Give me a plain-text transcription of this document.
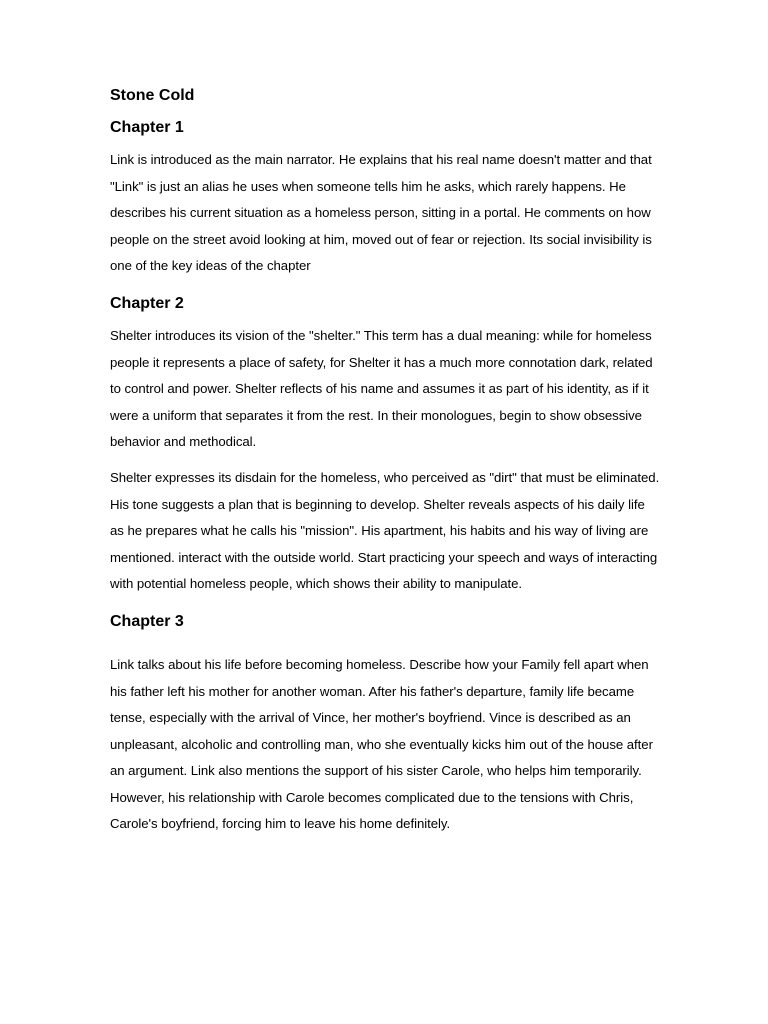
Stone Cold
Chapter 1

Link is introduced as the main narrator. He explains that his real name doesn't matter and that "Link" is just an alias he uses when someone tells him he asks, which rarely happens. He describes his current situation as a homeless person, sitting in a portal. He comments on how people on the street avoid looking at him, moved out of fear or rejection. Its social invisibility is one of the key ideas of the chapter

Chapter 2

Shelter introduces its vision of the "shelter." This term has a dual meaning: while for homeless people it represents a place of safety, for Shelter it has a much more connotation dark, related to control and power. Shelter reflects of his name and assumes it as part of his identity, as if it were a uniform that separates it from the rest. In their monologues, begin to show obsessive behavior and methodical.

Shelter expresses its disdain for the homeless, who perceived as "dirt" that must be eliminated. His tone suggests a plan that is beginning to develop. Shelter reveals aspects of his daily life as he prepares what he calls his "mission". His apartment, his habits and his way of living are mentioned. interact with the outside world. Start practicing your speech and ways of interacting with potential homeless people, which shows their ability to manipulate.

Chapter 3

Link talks about his life before becoming homeless. Describe how your Family fell apart when his father left his mother for another woman. After his father's departure, family life became tense, especially with the arrival of Vince, her mother's boyfriend. Vince is described as an unpleasant, alcoholic and controlling man, who she eventually kicks him out of the house after an argument. Link also mentions the support of his sister Carole, who helps him temporarily. However, his relationship with Carole becomes complicated due to the tensions with Chris, Carole's boyfriend, forcing him to leave his home definitely.
